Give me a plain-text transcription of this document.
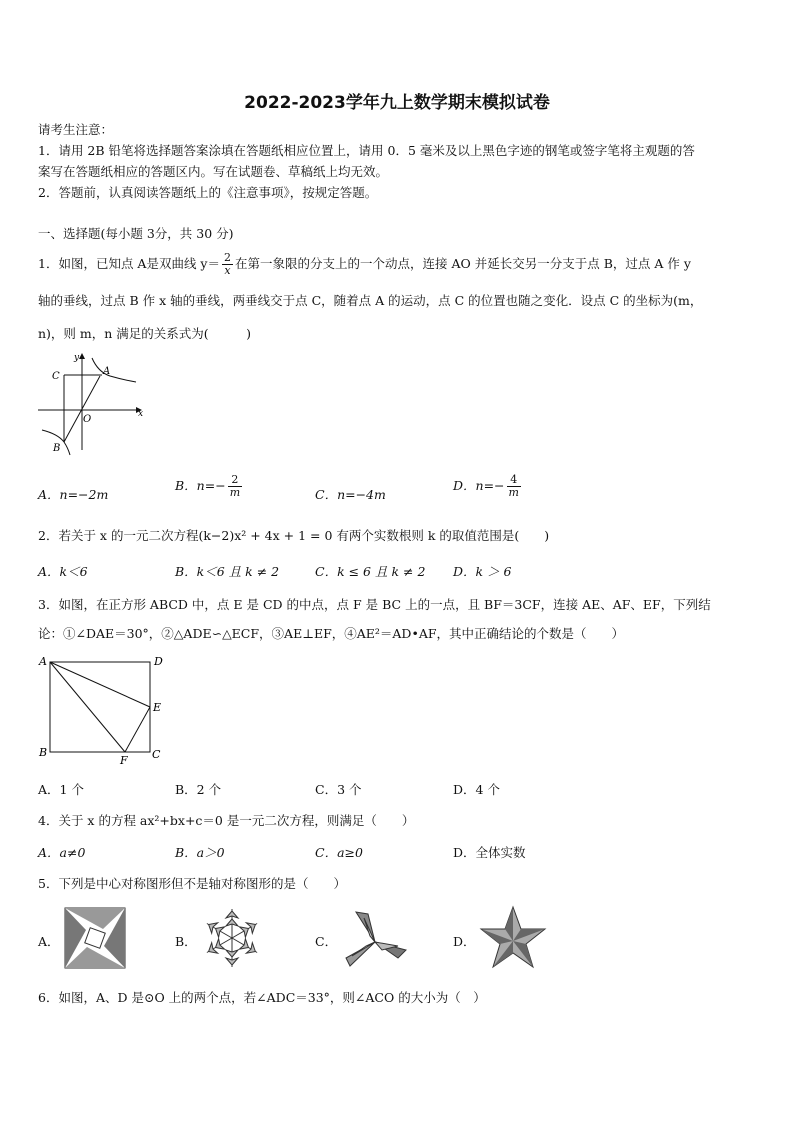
2022-2023学年九上数学期末模拟试卷
请考生注意：
1．请用 2B 铅笔将选择题答案涂填在答题纸相应位置上，请用 0．5 毫米及以上黑色字迹的钢笔或签字笔将主观题的答
案写在答题纸相应的答题区内。写在试题卷、草稿纸上均无效。
2．答题前，认真阅读答题纸上的《注意事项》，按规定答题。
一、选择题(每小题 3分，共 30 分)
1．如图，已知点 A是双曲线 $y= \frac{2}{x}$ 在第一象限的分支上的一个动点，连接 AO 并延长交另一分支于点 B，过点 A 作 y
轴的垂线，过点 B 作 x 轴的垂线，两垂线交于点 C，随着点 A 的运动，点 C 的位置也随之变化．设点 C 的坐标为(m，
n)，则 m，n 满足的关系式为(　　　)
y
x
C	A
O
B
A．n=−2m
B．$n=- \frac{2}{m}$	C．n=−4m
D．$n=- \frac{4}{m}$
2．若关于 x 的一元二次方程(k−2)x² + 4x + 1 = 0 有两个实数根则 k 的取值范围是(　　)
A．k＜6	B．k＜6 且 k ≠ 2	C．k ≤ 6 且 k ≠ 2 D．k ＞ 6
3．如图，在正方形 ABCD 中，点 E 是 CD 的中点，点 F 是 BC 上的一点，且 BF＝3CF，连接 AE、AF、EF，下列结
论：①∠DAE＝30°，②△ADE∽△ECF，③AE⊥EF，④AE²＝AD•AF，其中正确结论的个数是（　　）
A	D
E
B
F C
A．1 个	B．2 个	C．3 个	D．4 个
4．关于 x 的方程 ax²+bx+c＝0 是一元二次方程，则满足（　　）
A．a≠0	B．a＞0	C．a≥0	D．全体实数
5．下列是中心对称图形但不是轴对称图形的是（　　）
A．	B．	C．	D．
6．如图，A、D 是⊙O 上的两个点，若∠ADC＝33°，则∠ACO 的大小为（　）
